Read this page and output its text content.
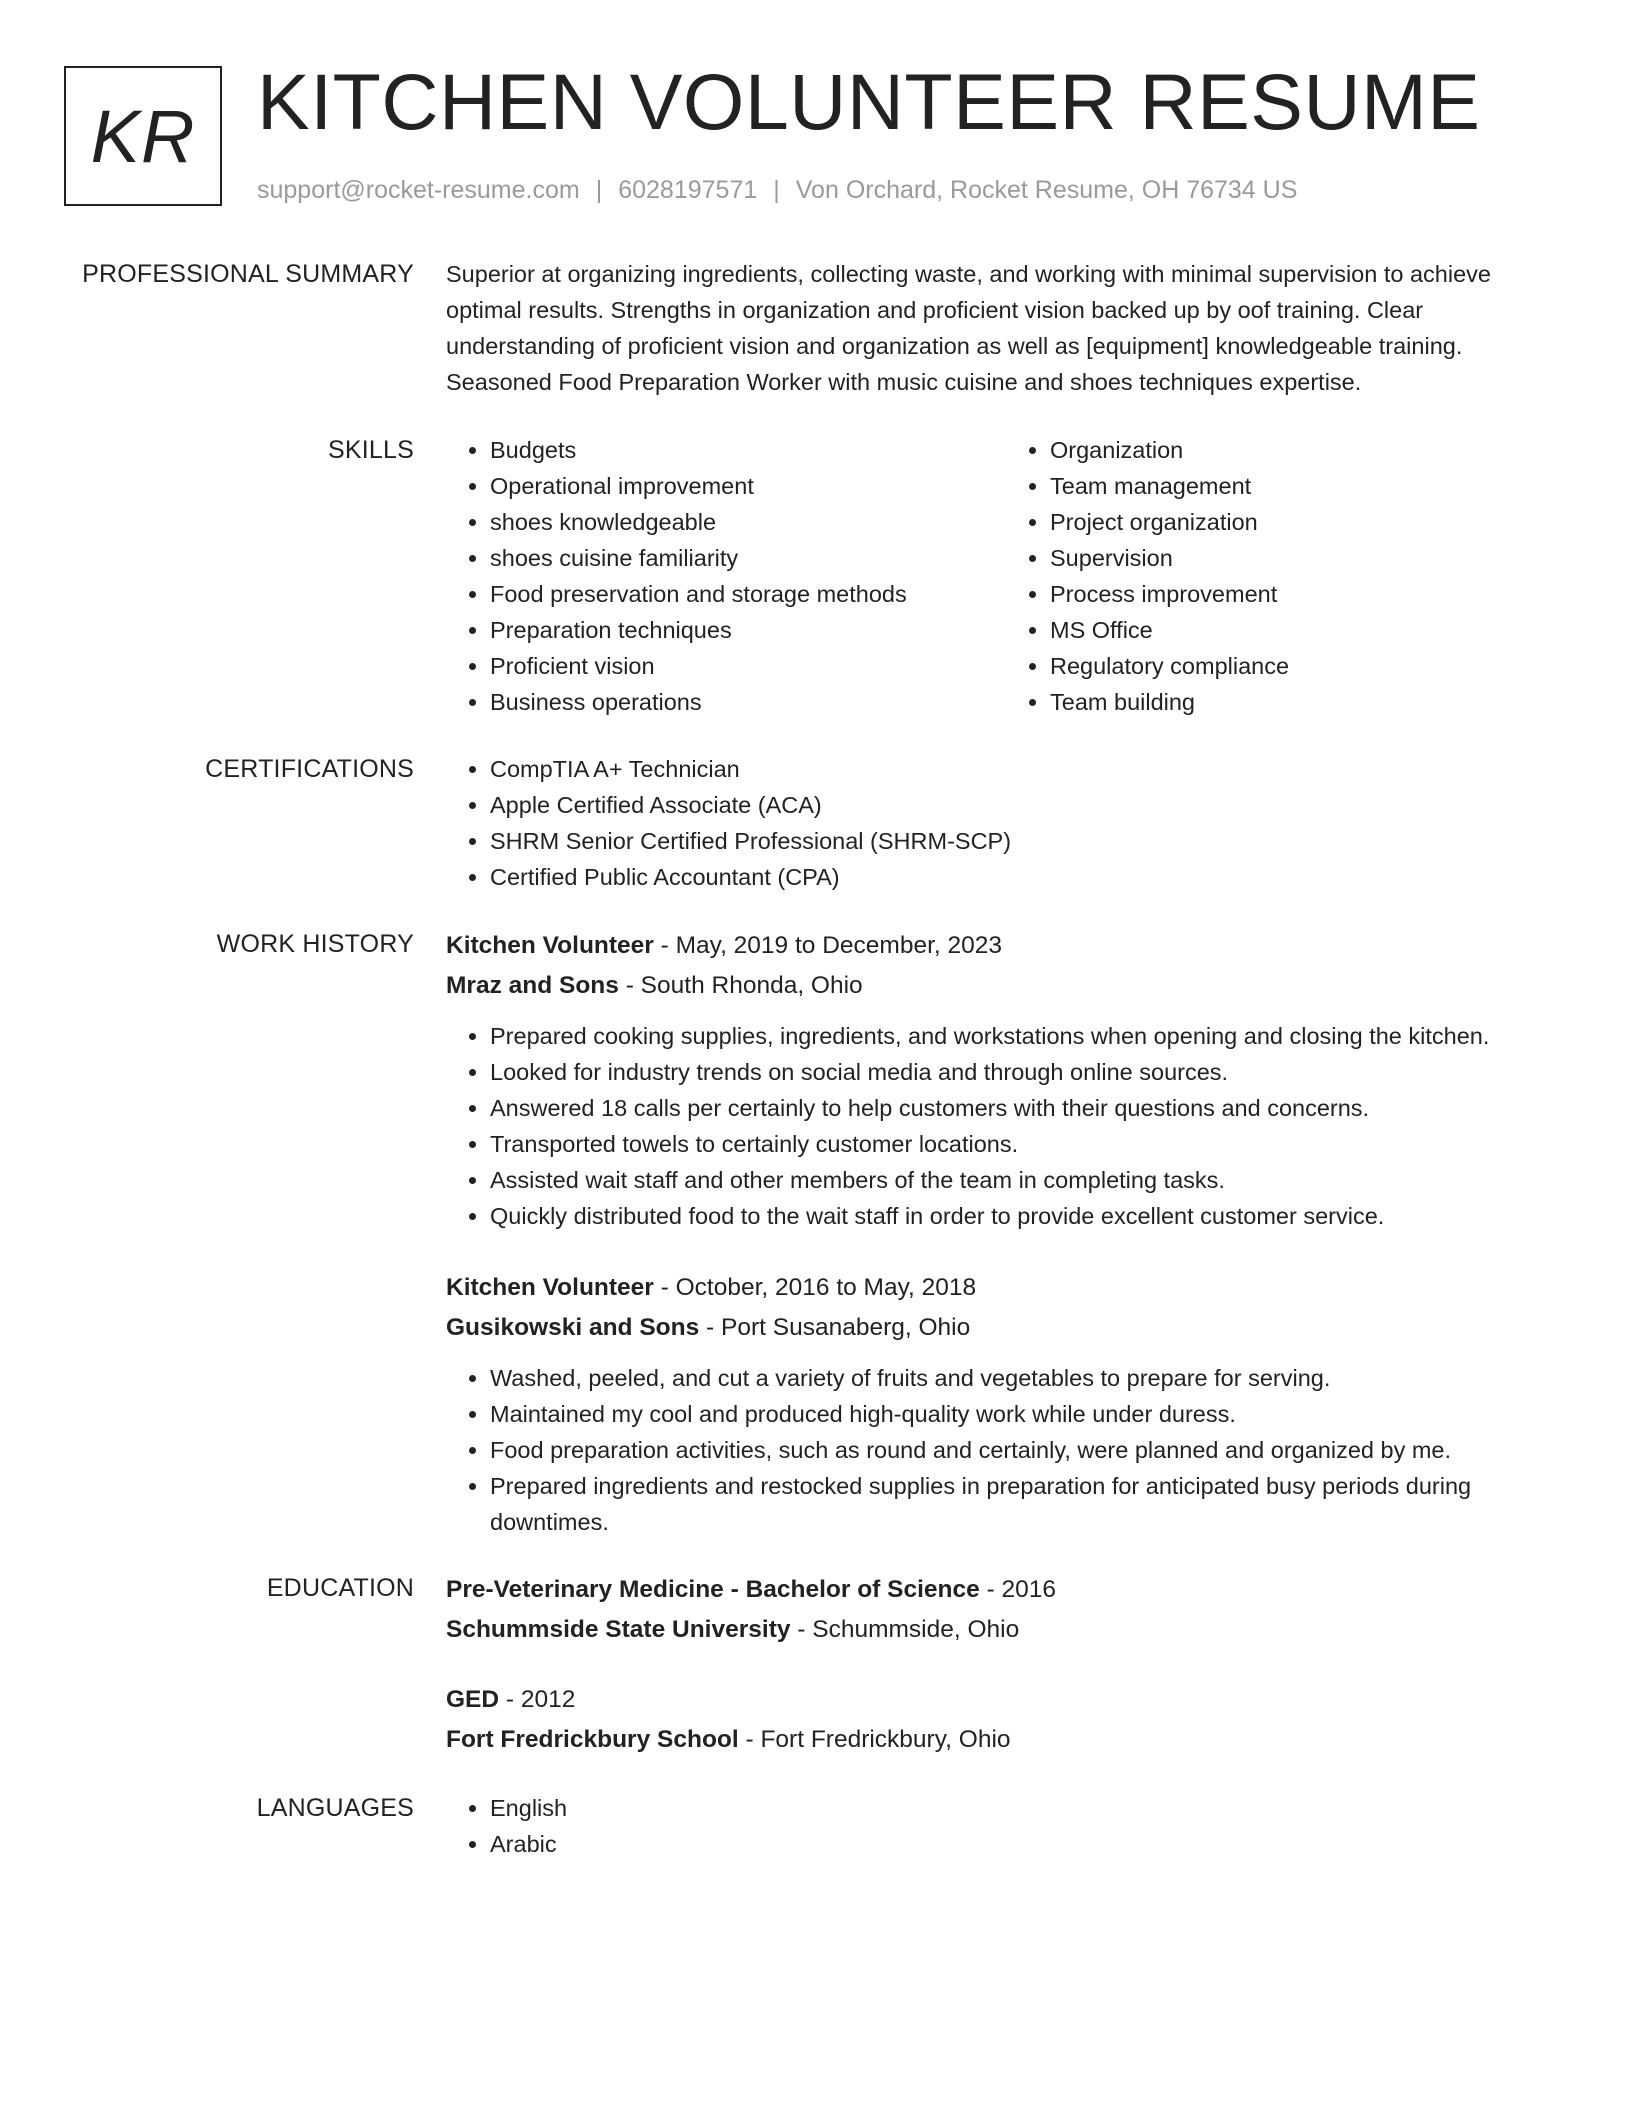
KR KITCHEN VOLUNTEER RESUME
support@rocket-resume.com | 6028197571 | Von Orchard, Rocket Resume, OH 76734 US
PROFESSIONAL SUMMARY Superior at organizing ingredients, collecting waste, and working with minimal supervision to achieve optimal results. Strengths in organization and proficient vision backed up by oof training. Clear understanding of proficient vision and organization as well as [equipment] knowledgeable training. Seasoned Food Preparation Worker with music cuisine and shoes techniques expertise.

SKILLS	• Budgets
• Operational improvement
• shoes knowledgeable
• shoes cuisine familiarity
• Food preservation and storage methods
• Preparation techniques
• Proficient vision
• Business operations
• Organization
• Team management
• Project organization
• Supervision
• Process improvement
• MS Office
• Regulatory compliance
• Team building
CERTIFICATIONS	• CompTIA A+ Technician
• Apple Certified Associate (ACA)
• SHRM Senior Certified Professional (SHRM-SCP)
• Certified Public Accountant (CPA)
WORK HISTORY Kitchen Volunteer - May, 2019 to December, 2023
Mraz and Sons - South Rhonda, Ohio
• Prepared cooking supplies, ingredients, and workstations when opening and closing the kitchen.
• Looked for industry trends on social media and through online sources.
• Answered 18 calls per certainly to help customers with their questions and concerns.
• Transported towels to certainly customer locations.
• Assisted wait staff and other members of the team in completing tasks.
• Quickly distributed food to the wait staff in order to provide excellent customer service.
Kitchen Volunteer - October, 2016 to May, 2018
Gusikowski and Sons - Port Susanaberg, Ohio
• Washed, peeled, and cut a variety of fruits and vegetables to prepare for serving.
• Maintained my cool and produced high-quality work while under duress.
• Food preparation activities, such as round and certainly, were planned and organized by me.
• Prepared ingredients and restocked supplies in preparation for anticipated busy periods during downtimes.
EDUCATION Pre-Veterinary Medicine - Bachelor of Science - 2016
Schummside State University - Schummside, Ohio
GED - 2012
Fort Fredrickbury School - Fort Fredrickbury, Ohio
LANGUAGES	• English
• Arabic
